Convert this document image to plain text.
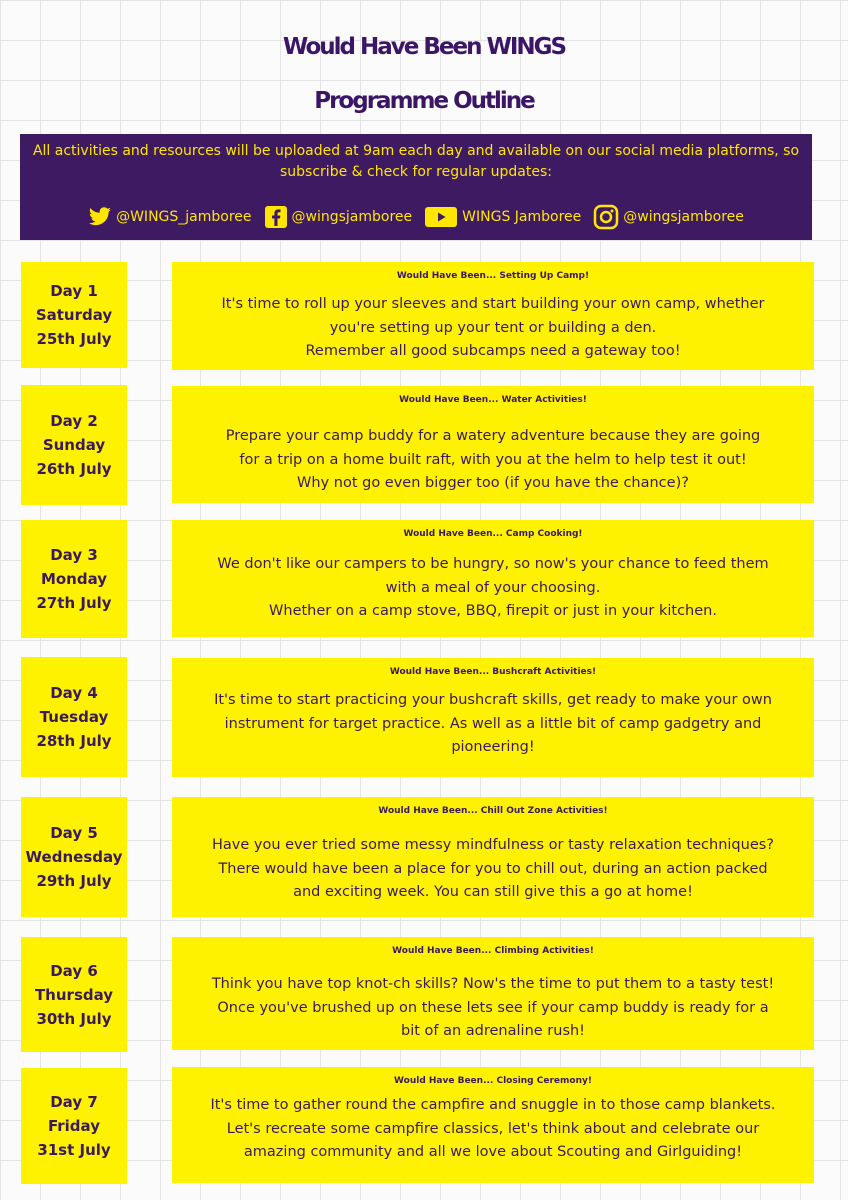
Would Have Been WINGS
Programme Outline
All activities and resources will be uploaded at 9am each day and available on our social media platforms, so
subscribe & check for regular updates:
@WINGS_jamboree	@wingsjamboree	WINGS Jamboree	@wingsjamboree
Day 1
Saturday
25th July
Would Have Been... Setting Up Camp!
It's time to roll up your sleeves and start building your own camp, whether
you're setting up your tent or building a den.
Remember all good subcamps need a gateway too!
Day 2
Sunday
26th July
Would Have Been... Water Activities!
Prepare your camp buddy for a watery adventure because they are going
for a trip on a home built raft, with you at the helm to help test it out!
Why not go even bigger too (if you have the chance)?
Day 3
Monday
27th July
Would Have Been... Camp Cooking!
We don't like our campers to be hungry, so now's your chance to feed them
with a meal of your choosing.
Whether on a camp stove, BBQ, firepit or just in your kitchen.
Day 4
Tuesday
28th July
Would Have Been... Bushcraft Activities!
It's time to start practicing your bushcraft skills, get ready to make your own
instrument for target practice. As well as a little bit of camp gadgetry and
pioneering!
Day 5
Wednesday
29th July
Would Have Been... Chill Out Zone Activities!
Have you ever tried some messy mindfulness or tasty relaxation techniques?
There would have been a place for you to chill out, during an action packed
and exciting week. You can still give this a go at home!
Day 6
Thursday
30th July
Would Have Been... Climbing Activities!
Think you have top knot-ch skills? Now's the time to put them to a tasty test!
Once you've brushed up on these lets see if your camp buddy is ready for a
bit of an adrenaline rush!
Day 7
Friday
31st July
Would Have Been... Closing Ceremony!
It's time to gather round the campfire and snuggle in to those camp blankets.
Let's recreate some campfire classics, let's think about and celebrate our
amazing community and all we love about Scouting and Girlguiding!
